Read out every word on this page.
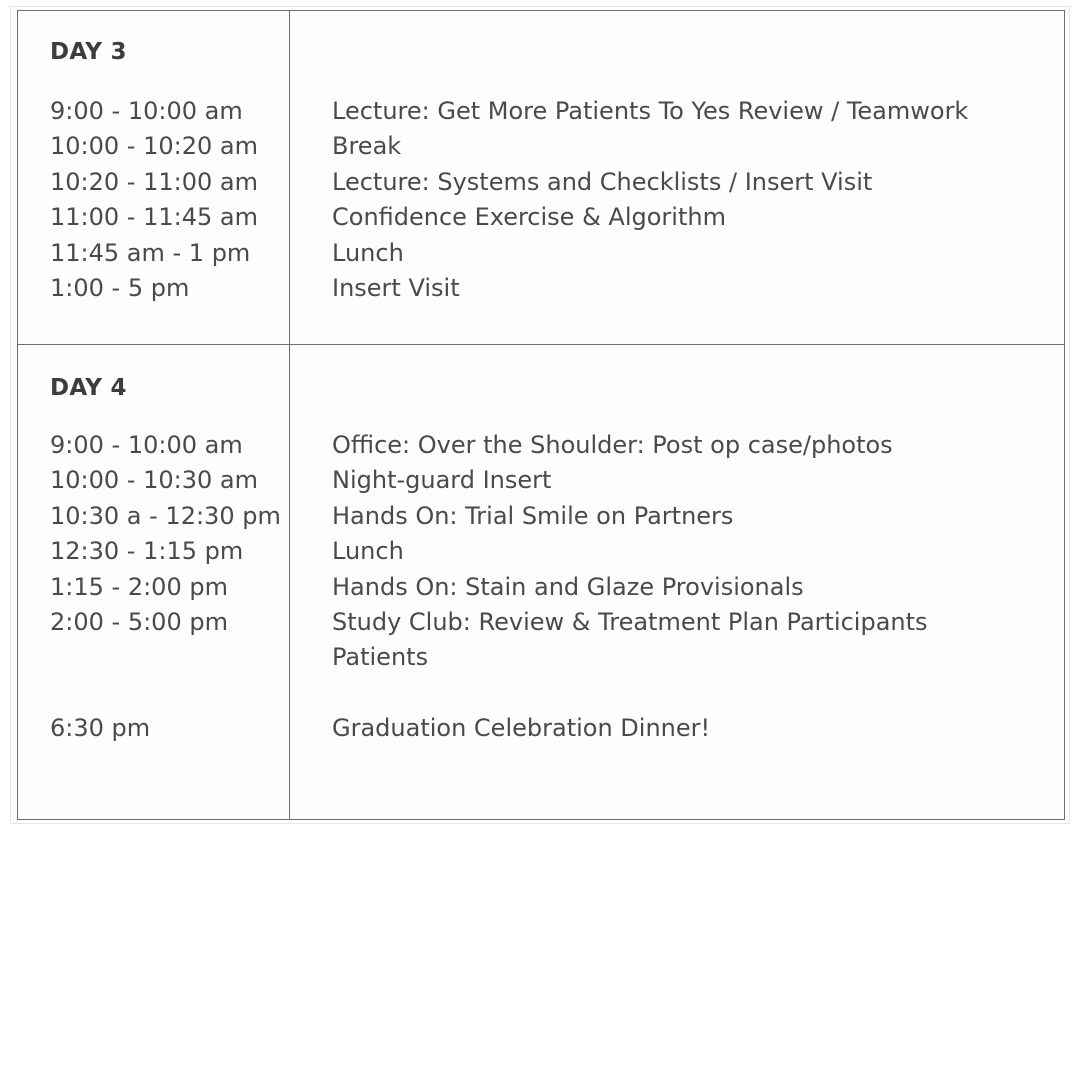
DAY 3
9:00 - 10:00 am	Lecture: Get More Patients To Yes Review / Teamwork
10:00 - 10:20 am	Break
10:20 - 11:00 am	Lecture: Systems and Checklists / Insert Visit
11:00 - 11:45 am	Confidence Exercise & Algorithm
11:45 am - 1 pm	Lunch
1:00 - 5 pm	Insert Visit
DAY 4
9:00 - 10:00 am	Office: Over the Shoulder: Post op case/photos
10:00 - 10:30 am	Night-guard Insert
10:30 a - 12:30 pm Hands On: Trial Smile on Partners
12:30 - 1:15 pm	Lunch
1:15 - 2:00 pm	Hands On: Stain and Glaze Provisionals
2:00 - 5:00 pm	Study Club: Review & Treatment Plan Participants Patients
6:30 pm	Graduation Celebration Dinner!
